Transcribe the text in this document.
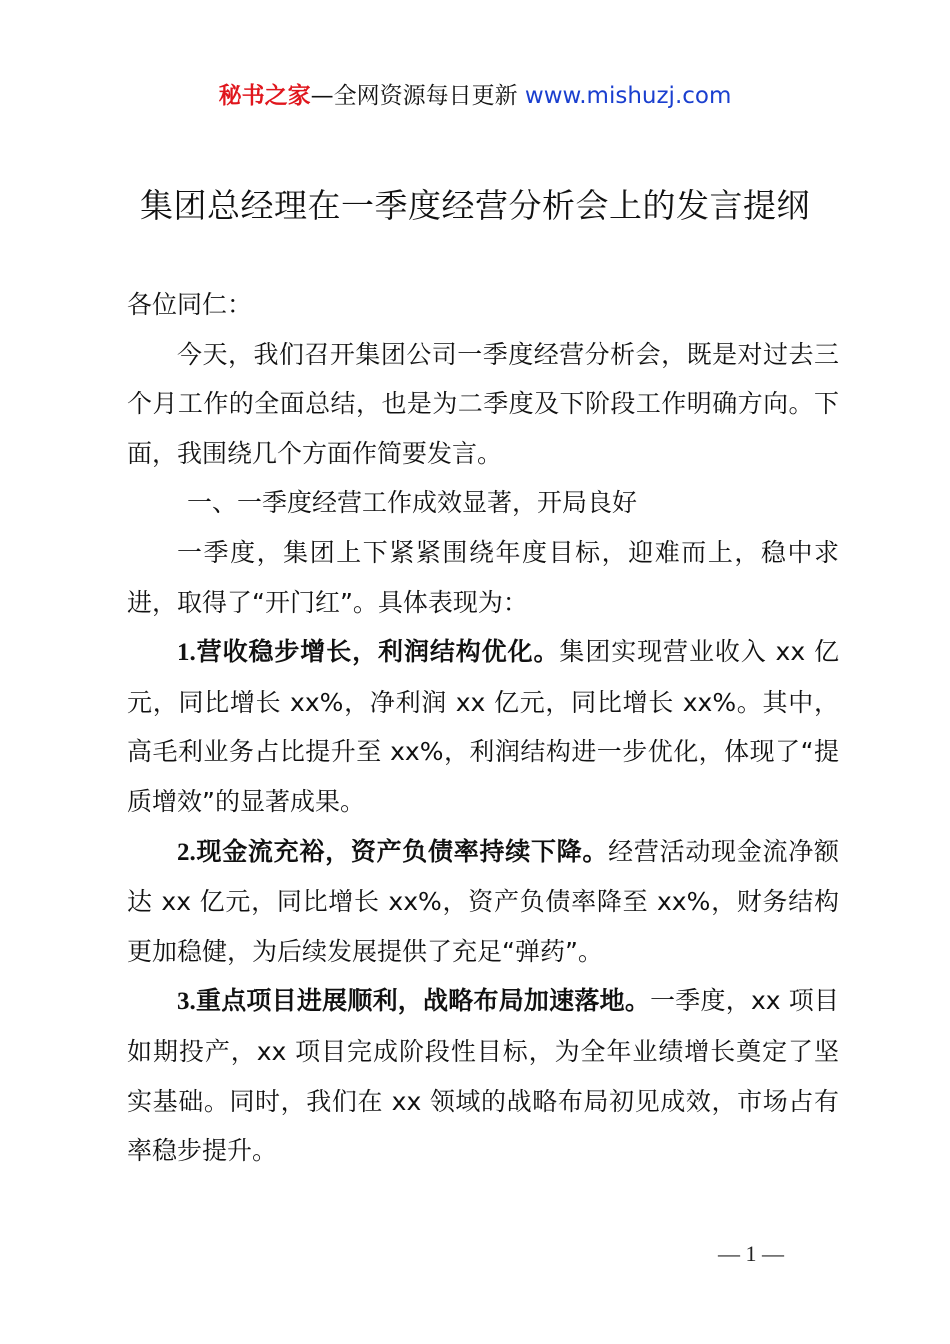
秘书之家—全网资源每日更新 www.mishuzj.com
集团总经理在一季度经营分析会上的发言提纲

各位同仁：

今天，我们召开集团公司一季度经营分析会，既是对过去三个月工作的全面总结，也是为二季度及下阶段工作明确方向。下面，我围绕几个方面作简要发言。

一、一季度经营工作成效显著，开局良好

一季度，集团上下紧紧围绕年度目标，迎难而上，稳中求进，取得了“开门红”。具体表现为：

1.营收稳步增长，利润结构优化。集团实现营业收入 xx 亿元，同比增长 xx%，净利润 xx 亿元，同比增长 xx%。其中，高毛利业务占比提升至 xx%，利润结构进一步优化，体现了“提质增效”的显著成果。

2.现金流充裕，资产负债率持续下降。经营活动现金流净额达 xx 亿元，同比增长 xx%，资产负债率降至 xx%，财务结构更加稳健，为后续发展提供了充足“弹药”。

3.重点项目进展顺利，战略布局加速落地。一季度，xx 项目如期投产，xx 项目完成阶段性目标，为全年业绩增长奠定了坚实基础。同时，我们在 xx 领域的战略布局初见成效，市场占有率稳步提升。

— 1 —
